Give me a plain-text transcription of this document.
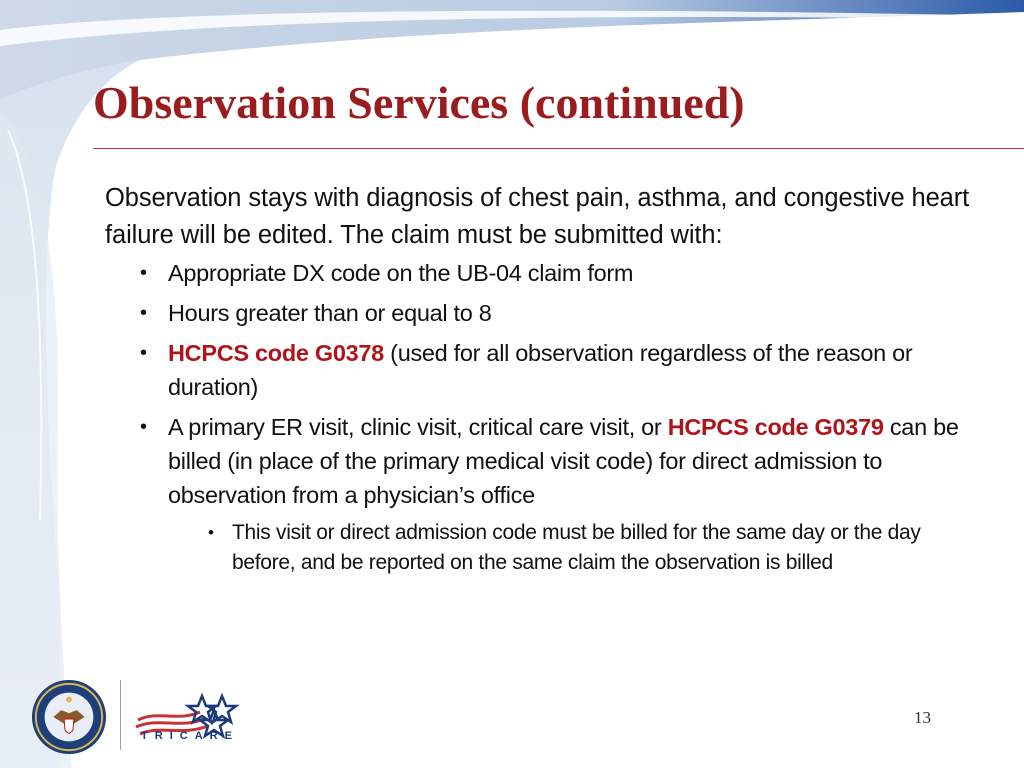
Observation Services (continued)

Observation stays with diagnosis of chest pain, asthma, and congestive heart failure will be edited. The claim must be submitted with:

• Appropriate DX code on the UB-04 claim form
• Hours greater than or equal to 8
• HCPCS code G0378 (used for all observation regardless of the reason or duration)
• A primary ER visit, clinic visit, critical care visit, or HCPCS code G0379 can be billed (in place of the primary medical visit code) for direct admission to observation from a physician’s office
• This visit or direct admission code must be billed for the same day or the day before, and be reported on the same claim the observation is billed
TRICARE
13
